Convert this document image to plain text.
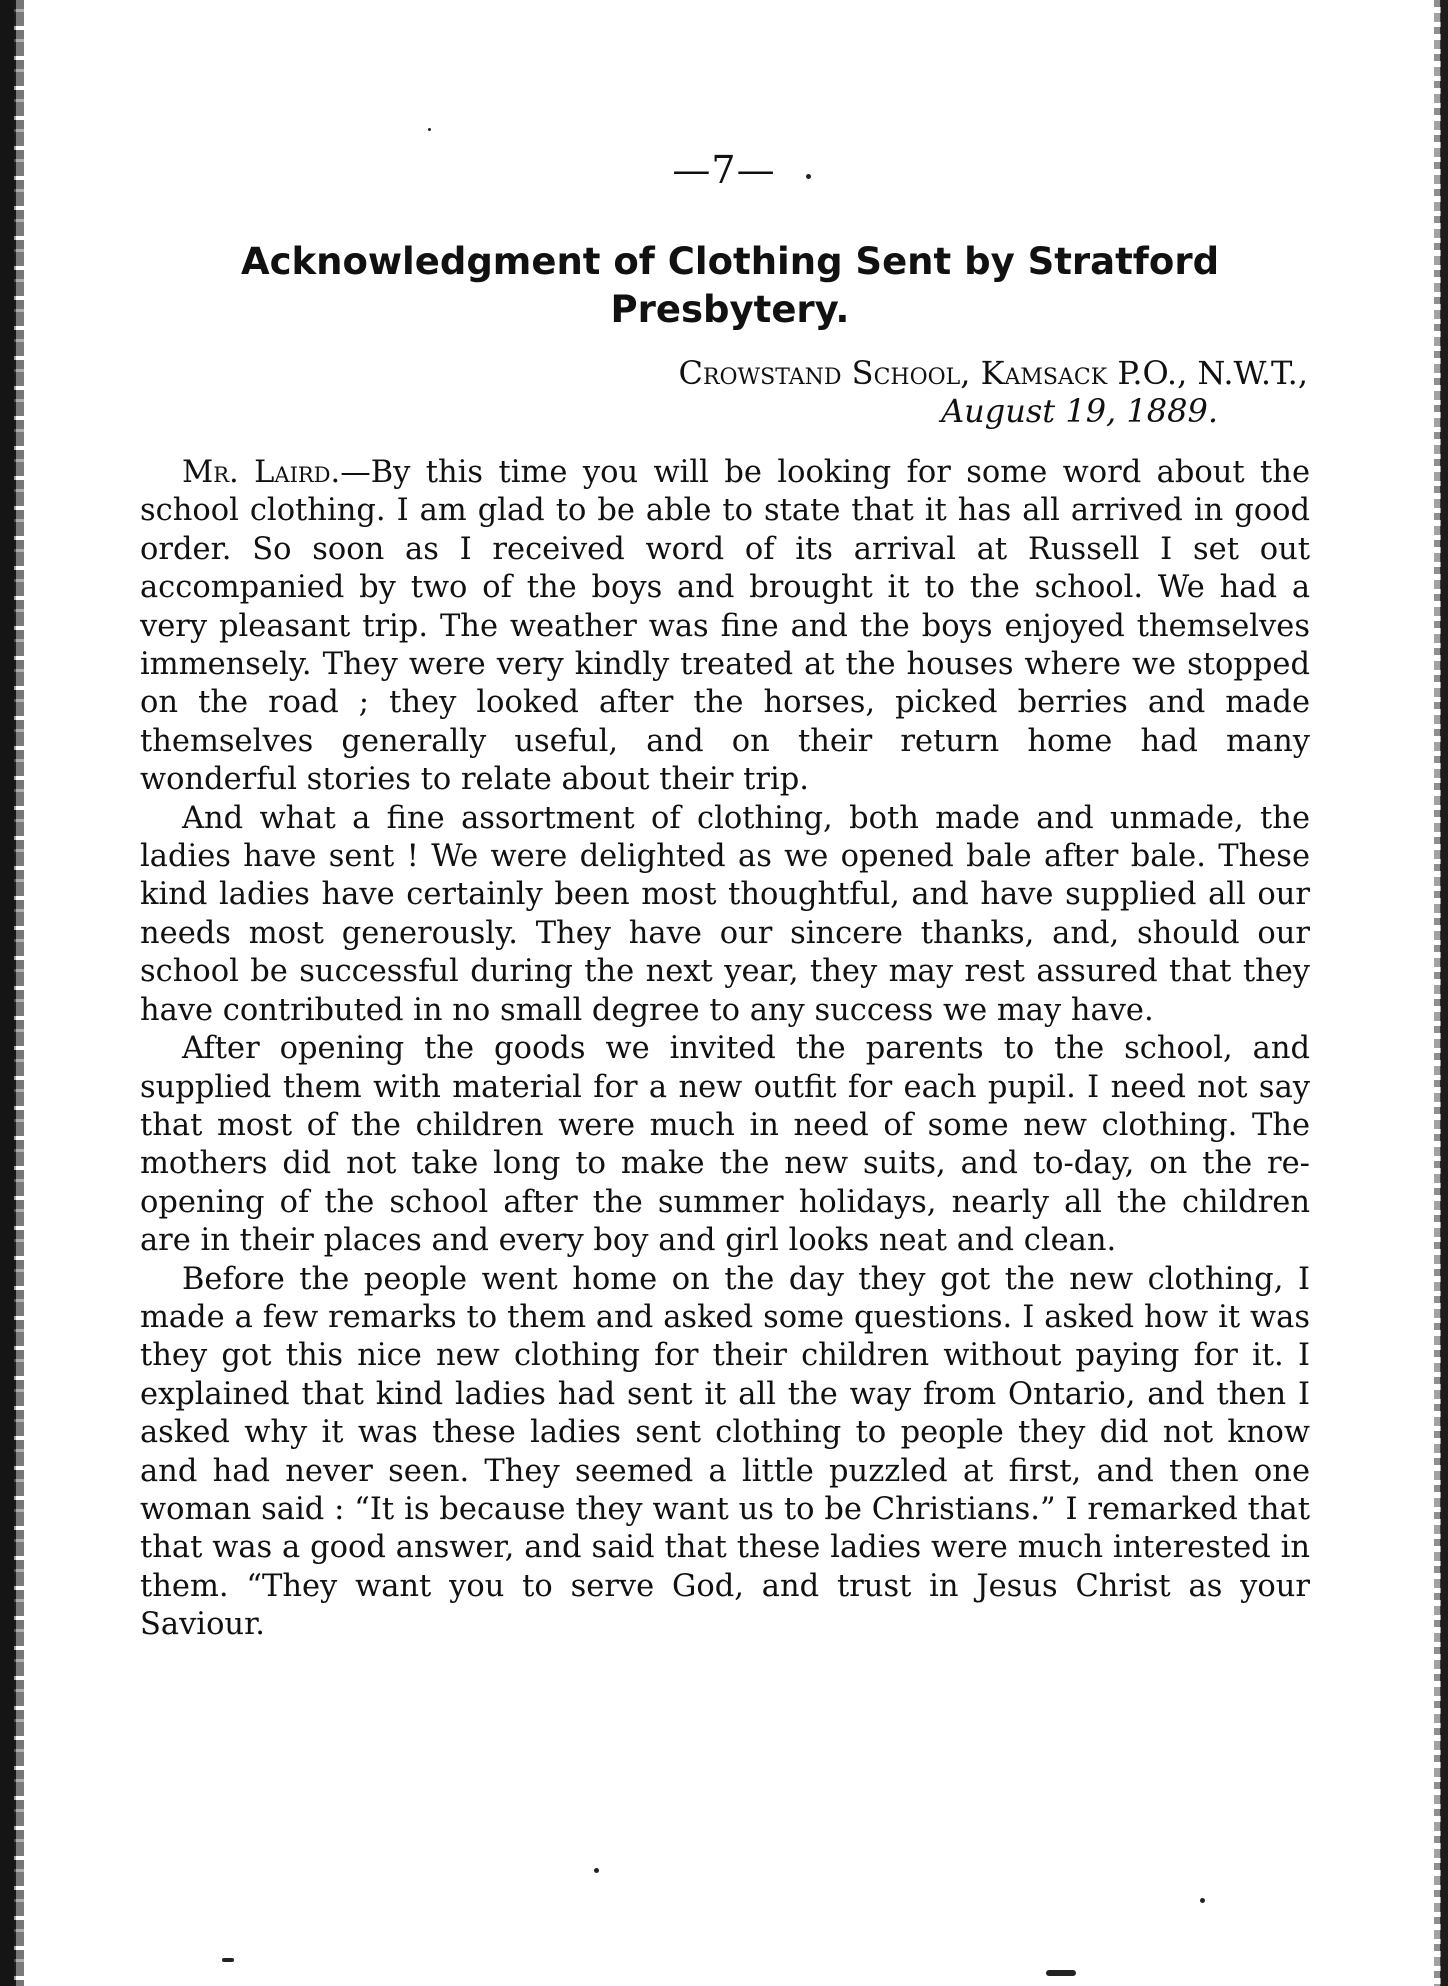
—7—
Acknowledgment of Clothing Sent by Stratford
Presbytery.
Crowstand School, Kamsack P.O., N.W.T.,
August 19, 1889.

Mr. Laird.—By this time you will be looking for some word about the school clothing. I am glad to be able to state that it has all arrived in good order. So soon as I received word of its arrival at Russell I set out accompanied by two of the boys and brought it to the school. We had a very pleasant trip. The weather was fine and the boys enjoyed themselves immensely. They were very kindly treated at the houses where we stopped on the road ; they looked after the horses, picked berries and made themselves generally useful, and on their return home had many wonderful stories to relate about their trip.

And what a fine assortment of clothing, both made and unmade, the ladies have sent ! We were delighted as we opened bale after bale. These kind ladies have certainly been most thoughtful, and have supplied all our needs most generously. They have our sincere thanks, and, should our school be successful during the next year, they may rest assured that they have contributed in no small degree to any success we may have.

After opening the goods we invited the parents to the school, and supplied them with material for a new outfit for each pupil. I need not say that most of the children were much in need of some new clothing. The mothers did not take long to make the new suits, and to-day, on the re-opening of the school after the summer holidays, nearly all the children are in their places and every boy and girl looks neat and clean.

Before the people went home on the day they got the new clothing, I made a few remarks to them and asked some questions. I asked how it was they got this nice new clothing for their children without paying for it. I explained that kind ladies had sent it all the way from Ontario, and then I asked why it was these ladies sent clothing to people they did not know and had never seen. They seemed a little puzzled at first, and then one woman said : “It is because they want us to be Christians.” I remarked that that was a good answer, and said that these ladies were much interested in them. “They want you to serve God, and trust in Jesus Christ as your Saviour.
